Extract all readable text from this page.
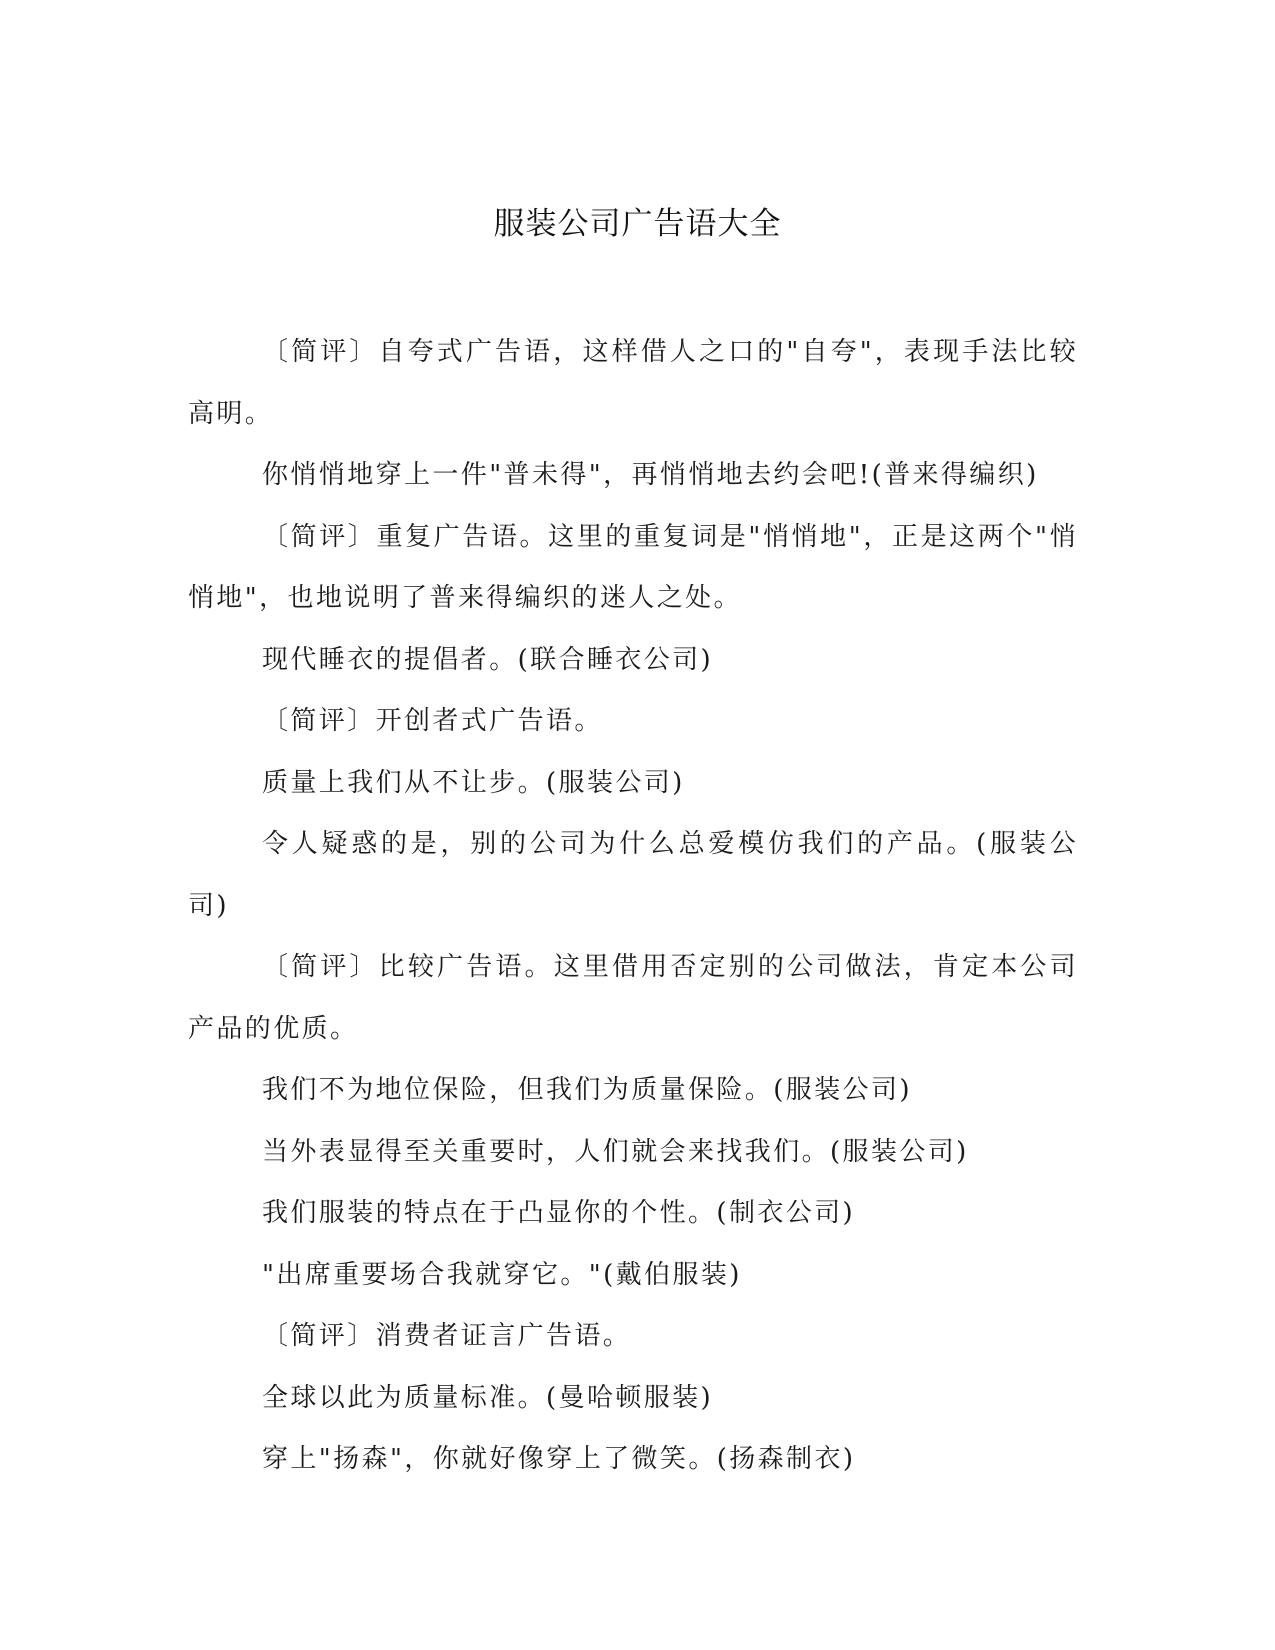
服装公司广告语大全

〔简评〕自夸式广告语，这样借人之口的"自夸"，表现手法比较高明。

你悄悄地穿上一件"普未得"，再悄悄地去约会吧!(普来得编织)

〔简评〕重复广告语。这里的重复词是"悄悄地"，正是这两个"悄悄地"，也地说明了普来得编织的迷人之处。

现代睡衣的提倡者。(联合睡衣公司)

〔简评〕开创者式广告语。

质量上我们从不让步。(服装公司)

令人疑惑的是，别的公司为什么总爱模仿我们的产品。(服装公司)

〔简评〕比较广告语。这里借用否定别的公司做法，肯定本公司产品的优质。

我们不为地位保险，但我们为质量保险。(服装公司)

当外表显得至关重要时，人们就会来找我们。(服装公司)

我们服装的特点在于凸显你的个性。(制衣公司)

"出席重要场合我就穿它。"(戴伯服装)

〔简评〕消费者证言广告语。

全球以此为质量标准。(曼哈顿服装)

穿上"扬森"，你就好像穿上了微笑。(扬森制衣)
